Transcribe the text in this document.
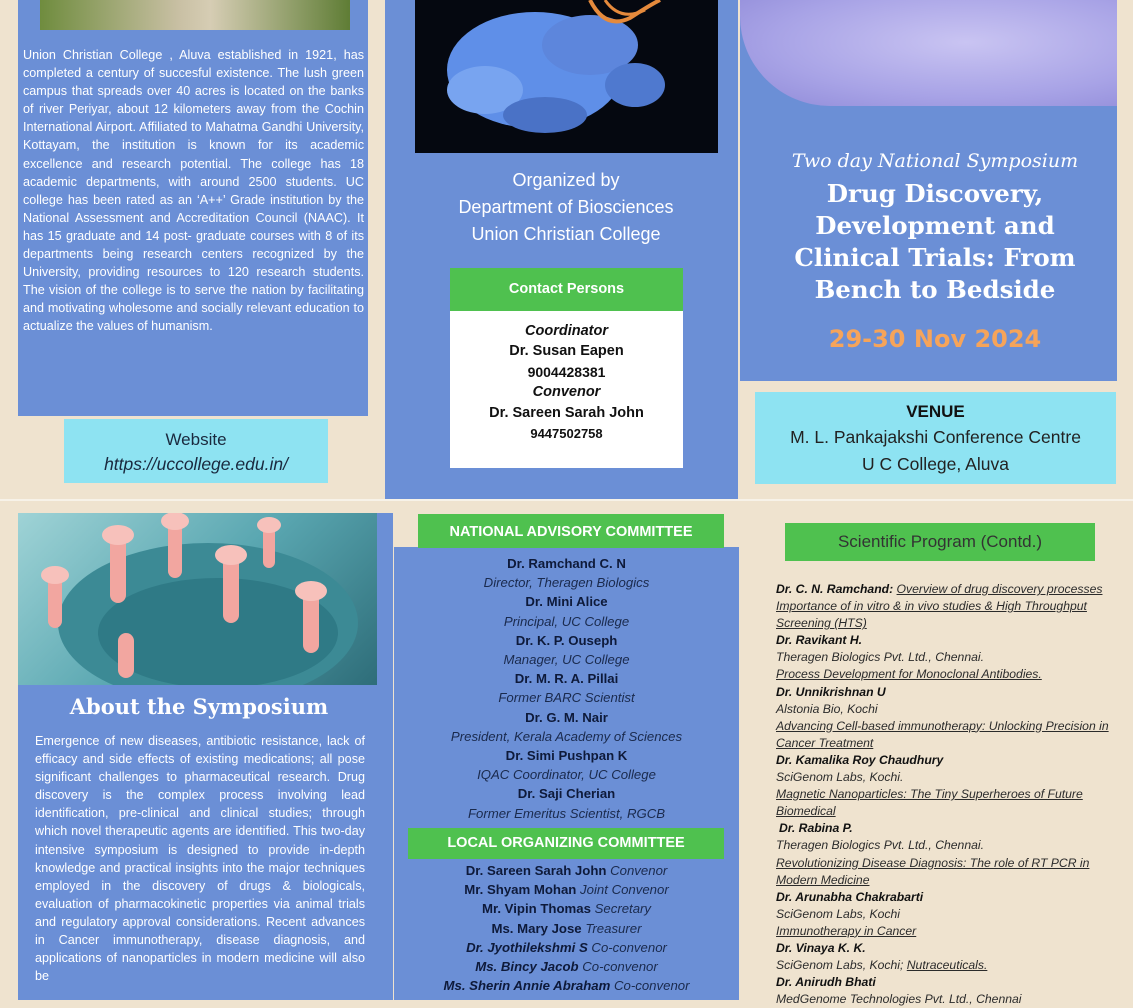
Union Christian College , Aluva established in 1921, has completed a century of succesful existence. The lush green campus that spreads over 40 acres is located on the banks of river Periyar, about 12 kilometers away from the Cochin International Airport. Affiliated to Mahatma Gandhi University, Kottayam, the institution is known for its academic excellence and research potential. The college has 18 academic departments, with around 2500 students. UC college has been rated as an ‘A++’ Grade institution by the National Assessment and Accreditation Council (NAAC). It has 15 graduate and 14 post- graduate courses with 8 of its departments being research centers recognized by the University, providing resources to 120 research students. The vision of the college is to serve the nation by facilitating and motivating wholesome and socially relevant education to actualize the values of humanism.
Website
https://uccollege.edu.in/
Organized by
Department of Biosciences
Union Christian College
Contact Persons
Coordinator
Dr. Susan Eapen
9004428381
Convenor
Dr. Sareen Sarah John
9447502758
Two day National Symposium
Drug Discovery,
Development and
Clinical Trials: From
Bench to Bedside
29-30 Nov 2024
VENUE
M. L. Pankajakshi Conference Centre
U C College, Aluva
About the Symposium
Emergence of new diseases, antibiotic resistance, lack of efficacy and side effects of existing medications; all pose significant challenges to pharmaceutical research. Drug discovery is the complex process involving lead identification, pre-clinical and clinical studies; through which novel therapeutic agents are identified. This two-day intensive symposium is designed to provide in-depth knowledge and practical insights into the major techniques employed in the discovery of drugs & biologicals, evaluation of pharmacokinetic properties via animal trials and regulatory approval considerations. Recent advances in Cancer immunotherapy, disease diagnosis, and applications of nanoparticles in modern medicine will also be
NATIONAL ADVISORY COMMITTEE
Dr. Ramchand C. N
Director, Theragen Biologics
Dr. Mini Alice
Principal, UC College
Dr. K. P. Ouseph
Manager, UC College
Dr. M. R. A. Pillai
Former BARC Scientist
Dr. G. M. Nair
President, Kerala Academy of Sciences
Dr. Simi Pushpan K
IQAC Coordinator, UC College
Dr. Saji Cherian
Former Emeritus Scientist, RGCB
LOCAL ORGANIZING COMMITTEE
Dr. Sareen Sarah John Convenor
Mr. Shyam Mohan Joint Convenor
Mr. Vipin Thomas Secretary
Ms. Mary Jose Treasurer
Dr. Jyothilekshmi S Co-convenor
Ms. Bincy Jacob Co-convenor
Ms. Sherin Annie Abraham Co-convenor
Scientific Program (Contd.)

Dr. C. N. Ramchand: Overview of drug discovery processes Importance of in vitro & in vivo studies & High Throughput Screening (HTS)

Dr. Ravikant H.

Theragen Biologics Pvt. Ltd., Chennai.

Process Development for Monoclonal Antibodies.

Dr. Unnikrishnan U

Alstonia Bio, Kochi

Advancing Cell-based immunotherapy: Unlocking Precision in Cancer Treatment

Dr. Kamalika Roy Chaudhury

SciGenom Labs, Kochi.

Magnetic Nanoparticles: The Tiny Superheroes of Future Biomedical

Dr. Rabina P.

Theragen Biologics Pvt. Ltd., Chennai.

Revolutionizing Disease Diagnosis: The role of RT PCR in Modern Medicine

Dr. Arunabha Chakrabarti

SciGenom Labs, Kochi

Immunotherapy in Cancer

Dr. Vinaya K. K.

SciGenom Labs, Kochi; Nutraceuticals.

Dr. Anirudh Bhati

MedGenome Technologies Pvt. Ltd., Chennai
